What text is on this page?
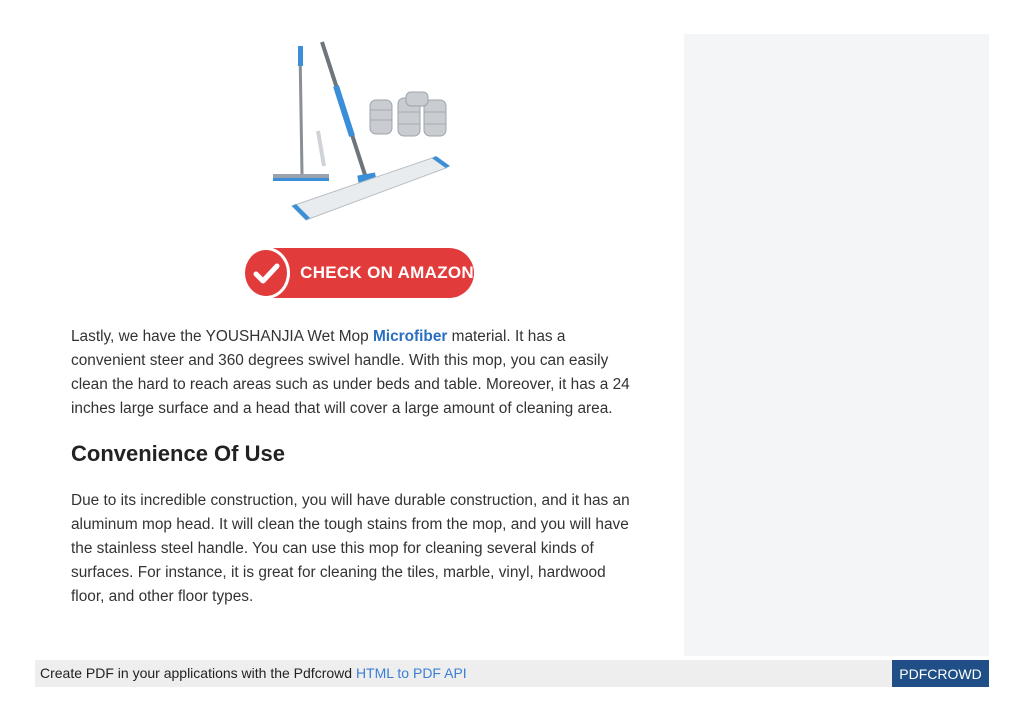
CHECK ON AMAZON

Lastly, we have the YOUSHANJIA Wet Mop Microfiber material. It has a convenient steer and 360 degrees swivel handle. With this mop, you can easily clean the hard to reach areas such as under beds and table. Moreover, it has a 24 inches large surface and a head that will cover a large amount of cleaning area.

Convenience Of Use

Due to its incredible construction, you will have durable construction, and it has an aluminum mop head. It will clean the tough stains from the mop, and you will have the stainless steel handle. You can use this mop for cleaning several kinds of surfaces. For instance, it is great for cleaning the tiles, marble, vinyl, hardwood floor, and other floor types.

Create PDF in your applications with the Pdfcrowd HTML to PDF API	PDFCROWD
